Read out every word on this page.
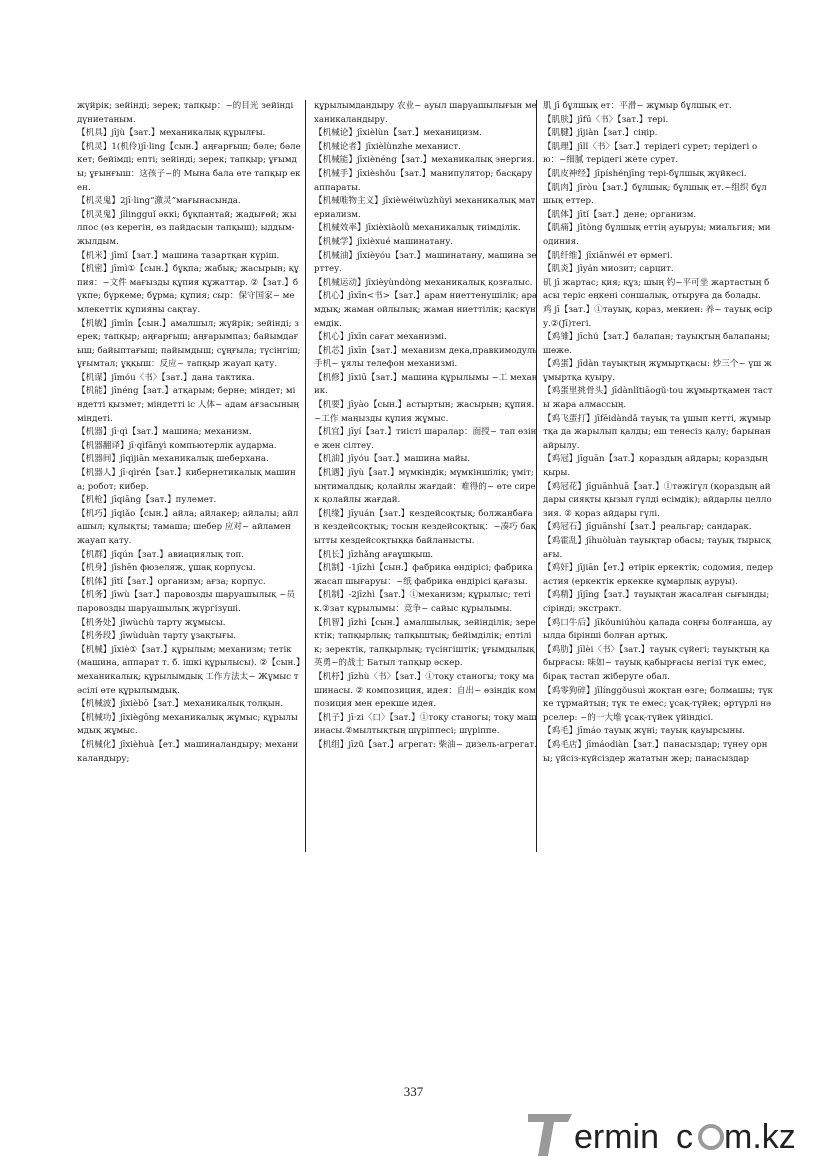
жүйрік; зейінді; зерек; тапқыр：~的目光 зейінді дүниетаным.

【机具】jījù【зат.】механикалық құрылғы.

【机灵】1(机伶)jī·ling【сын.】аңғарғыш; бәле; бәлекет; бейімді; епті; зейінді; зерек; тапқыр; ұғымды; ұғынғыш：这孩子~的 Мына бала өте тапқыр екен.

【机灵鬼】2jī·ling“激灵”мағынасында.

【机灵鬼】jīlingguǐ әккі; бұқпантай; жадығөй; жылпос (өз керегін, өз пайдасын тапқыш); ыддым-жылдым.

【机米】jīmǐ【зат.】машина тазартқан күріш.

【机密】jīmì①【сын.】бұқпа; жабық; жасырын; құпия：~文件 мағызды құпия құжаттар. ②【зат.】бүкпе; бүркеме; бұрма; құпия; сыр：保守国家~ мемлекеттік құпияны сақтау.

【机敏】jīmǐn【сын.】амалшыл; жүйрік; зейінді; зерек; тапқыр; аңғарғыш; аңғарымпаз; байымдағыш; байыптағыш; пайымдыш; сұңғыла; түсінгіш; ұғымтал; ұққыш：反应~ тапқыр жауап қату.

【机谋】jīmóu〈书〉【зат.】дана тактика.

【机能】jīnéng【зат.】атқарым; берне; міндет; міндетті қызмет; міндетті іс 人体~ адам ағзасының міндеті.

【机器】jī·qì【зат.】машина; механизм.

【机器翻译】jī·qìfānyì компьютерлік аударма.

【机器间】jīqìjiān механикалық шеберхана.

【机器人】jī·qìrén【зат.】кибернетикалық машина; робот; кибер.

【机枪】jīqiāng【зат.】пулемет.

【机巧】jīqiǎo【сын.】айла; айлакер; айлалы; айлашыл; құлықты; тамаша; шебер 应对~ айламен жауап қату.

【机群】jīqún【зат.】авиациялық топ.

【机身】jīshēn фюзеляж, ұшақ корпусы.

【机体】jītǐ【зат.】организм; ағза; корпус.

【机务】jīwù【зат.】паровозды шаруашылық ~员 паровозды шаруашылық жүргізуші.

【机务处】jīwùchù тарту жұмысы.

【机务段】jīwùduàn тарту ұзақтығы.

【机械】jīxiè①【зат.】құрылым; механизм; тетік (машина, аппарат т. б. ішкі құрылысы). ②【сын.】механикалық; құрылымдық 工作方法太~ Жұмыс тәсілі өте құрылымдық.

【机械波】jīxièbō【зат.】механикалық толқын.

【机械功】jīxiègōng механикалық жұмыс; құрылымдық жұмыс.

【机械化】jīxièhuà【ет.】машиналандыру; механикаландыру;

құрылымдандыру 农业~ ауыл шаруашылығын механикаландыру.

【机械论】jīxièlùn【зат.】механицизм.

【机械论者】jīxièlùnzhe механист.

【机械能】jīxiènéng【зат.】механикалық энергия.

【机械手】jīxièshǒu【зат.】манипулятор; басқару аппараты.

【机械唯物主义】jīxièwéiwùzhǔyì механикалық материализм.

【机械效率】jīxièxiàolǜ механикалық тиімділік.

【机械学】jīxièxué машинатану.

【机械油】jīxièyóu【зат.】машинатану, машина зерттеу.

【机械运动】jīxièyùndòng механикалық қозғалыс.

【机心】jīxīn<书>【зат.】арам ниеттенушілік; арамдық; жаман ойлылық; жаман ниеттілік; қаскүнемдік.

【机心】jīxīn сағат механизмі.

【机芯】jīxīn【зат.】механизм дека,правкимодуль 手机~ ұялы телефон механизмі.

【机修】jīxiū【зат.】машина құрылымы ~工 механик.

【机要】jīyào【сын.】астыртын; жасырын; құпия.~工作 маңызды құпия жұмыс.

【机宜】jīyí【зат.】тиісті шаралар：面授~ тап өзіне жен сілтеу.

【机油】jīyóu【зат.】машина майы.

【机遇】jīyù【зат.】мүмкіндік; мүмкіншілік; үміт; ыңтималдық; қолайлы жағдай：难得的~ өте сирек қолайлы жағдай.

【机缘】jīyuán【зат.】кездейсоқтық; болжанбаған кездейсоқтық; тосын кездейсоқтық：~凑巧 бақытты кездейсоқтыққа байланысты.

【机长】jīzhǎng ағаұшқыш.

【机制】-1jīzhì【сын.】фабрика өндірісі; фабрика жасап шығаруы：~纸 фабрика өндірісі қағазы.

【机制】-2jīzhì【зат.】①механизм; құрылыс; тетік.②зат құрылымы：竞争~ сайыс құрылымы.

【机智】jīzhì【сын.】амалшылық, зейінділік; зеректік; тапқырлық; тапқыштық; бейімділік; ептілік; зеректік, тапқырлық; түсінгіштік; ұғымдылық 英勇~的战士 Батыл тапқыр әскер.

【机杼】jīzhù〈书〉【зат.】①тоқу станогы; тоқу машинасы. ② композиция, идея：自出~ өзіндік композиция мен ерекше идея.

【机子】jī·zi〈口〉【зат.】①тоқу станогы; тоқу машинасы.②мылтықтың шүріппесі; шүріппе.

【机组】jīzǔ【зат.】агрегат: 柴油~ дизель-агрегат.

肌 jī бұлшық ет：平滑~ жұмыр бұлшық ет.

【肌肤】jīfū〈书〉【зат.】тері.

【肌腱】jījiàn【зат.】сіңір.

【肌理】jīlǐ〈书〉【зат.】терідегі сурет; терідегі ою：~细腻 терідегі жете сурет.

【肌皮神经】jīpíshénjīng тері-бұлшық жүйкесі.

【肌肉】jīròu【зат.】бұлшық; бұлшық ет.~组织 бұлшық еттер.

【肌体】jītǐ【зат.】дене; организм.

【肌痛】jītòng бұлшық еттің ауыруы; миальгия; миодиния.

【肌纤维】jīxiānwéi ет өрмегі.

【肌炎】jīyán миозит; сарцит.

矶 jī жартас; қия; құз; шың 钓~平可坐 жартастың басы теріс еңкені соншалық, отыруға да болады.

鸡 jī【зат.】①тауық, қораз, мекиен: 养~ тауық өсіру.②(Jī)тегі.

【鸡雏】jīchú【зат.】балапан; тауықтың балапаны; шөже.

【鸡蛋】jīdàn тауықтың жұмыртқасы: 炒三个~ үш жұмыртқа қуыру.

【鸡蛋里挑骨头】jīdànlǐtiāogǔ·tou жұмыртқамен тасты жара алмассың.

【鸡飞蛋打】jīfēidàndǎ тауық та ұшып кетті, жұмыртқа да жарылып қалды; еш тенесіз қалу; барынан айрылу.

【鸡冠】jīguān【зат.】қораздың айдары; қораздың қыры.

【鸡冠花】jīguānhuā【зат.】①тәжігүл (қораздың айдары сияқты қызыл гүлді өсімдік); айдарлы целлозия. ② қораз айдары гүлі.

【鸡冠石】jīguānshí【зат.】реальгар; сандарак.

【鸡霍乱】jīhuòluàn тауықтар обасы; тауық тырысқағы.

【鸡奸】jījiān【ет.】өтірік еркектік; содомия, педерастия (еркектік еркекке құмарлық ауруы).

【鸡精】jījīng【зат.】тауықтан жасалған сығынды; сірінді; экстракт.

【鸡口牛后】jīkǒuniúhòu қалада соңғы болғанша, ауылда бірінші болған артық.

【鸡肋】jīlèi〈书〉【зат.】тауық сүйегі; тауықтың қабырғасы: 味如~ тауық қабырғасы негізі түк емес, бірақ тастап жіберуге обал.

【鸡零狗碎】jīlínggǒusuì жоқтан өзге; болмашы; түкке тұрмайтын; түк те емес; ұсақ-түйек; әртүрлі нәрселер: ~的一大堆 ұсақ-түйек үйіндісі.

【鸡毛】jīmáo тауық жүні; тауық қауырсыны.

【鸡毛店】jīmáodiàn【зат.】панасыздар; түнеу орны; үйсіз-күйсіздер жататын жер; панасыздар

337
ermin c m.kz
